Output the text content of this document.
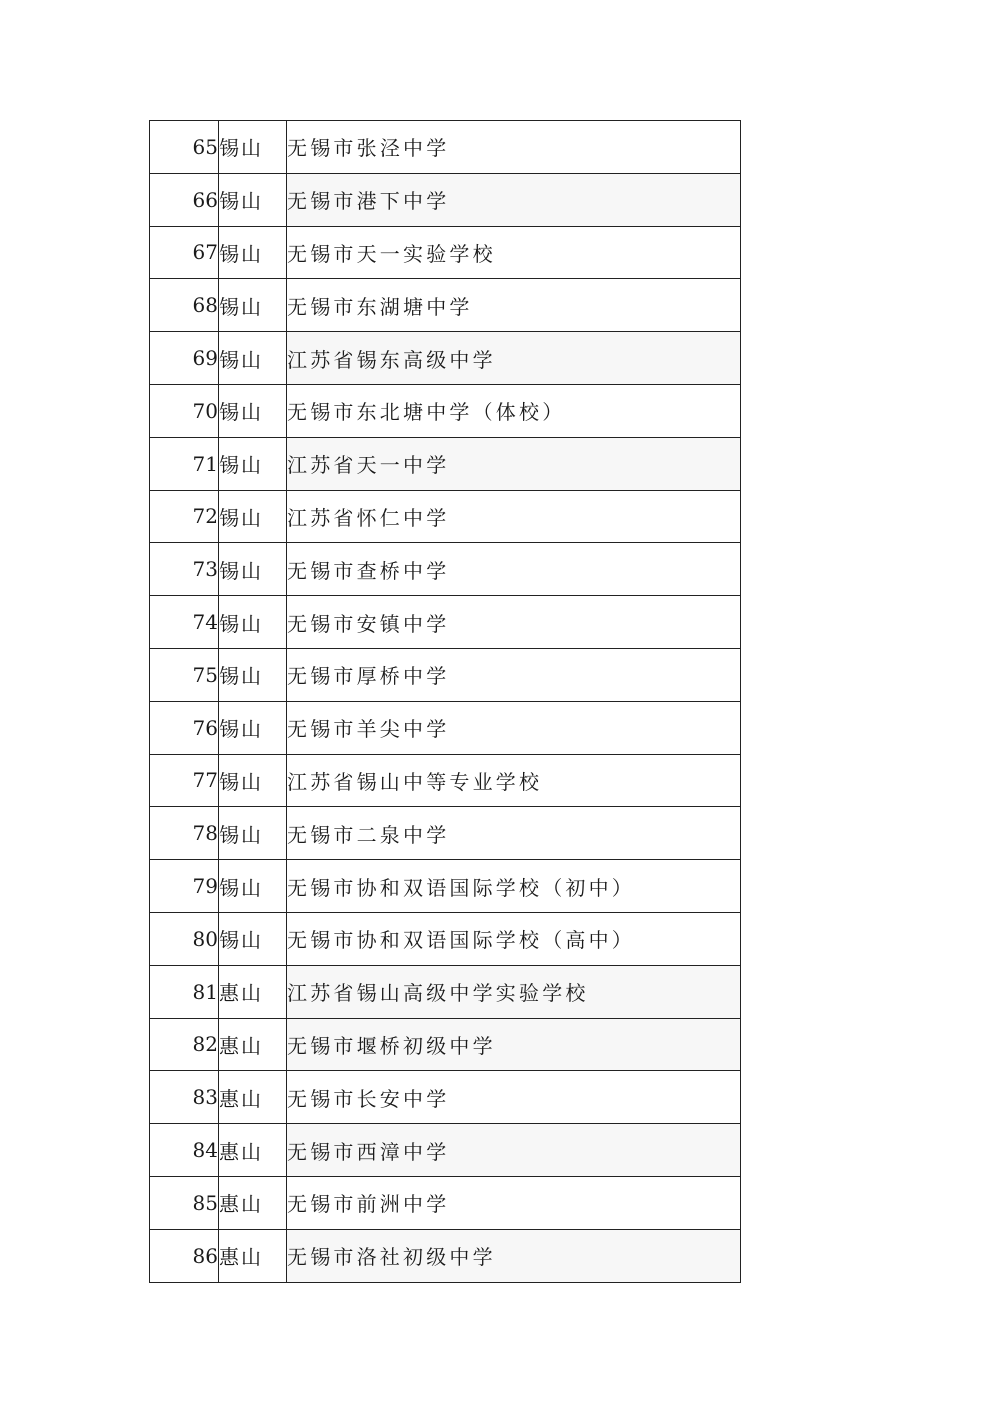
65	锡山	无锡市张泾中学
66	锡山	无锡市港下中学
67	锡山	无锡市天一实验学校
68	锡山	无锡市东湖塘中学
69	锡山	江苏省锡东高级中学
70	锡山	无锡市东北塘中学（体校）
71	锡山	江苏省天一中学
72	锡山	江苏省怀仁中学
73	锡山	无锡市查桥中学
74	锡山	无锡市安镇中学
75	锡山	无锡市厚桥中学
76	锡山	无锡市羊尖中学
77	锡山	江苏省锡山中等专业学校
78	锡山	无锡市二泉中学
79	锡山	无锡市协和双语国际学校（初中）
80	锡山	无锡市协和双语国际学校（高中）
81	惠山	江苏省锡山高级中学实验学校
82	惠山	无锡市堰桥初级中学
83	惠山	无锡市长安中学
84	惠山	无锡市西漳中学
85	惠山	无锡市前洲中学
86	惠山	无锡市洛社初级中学
